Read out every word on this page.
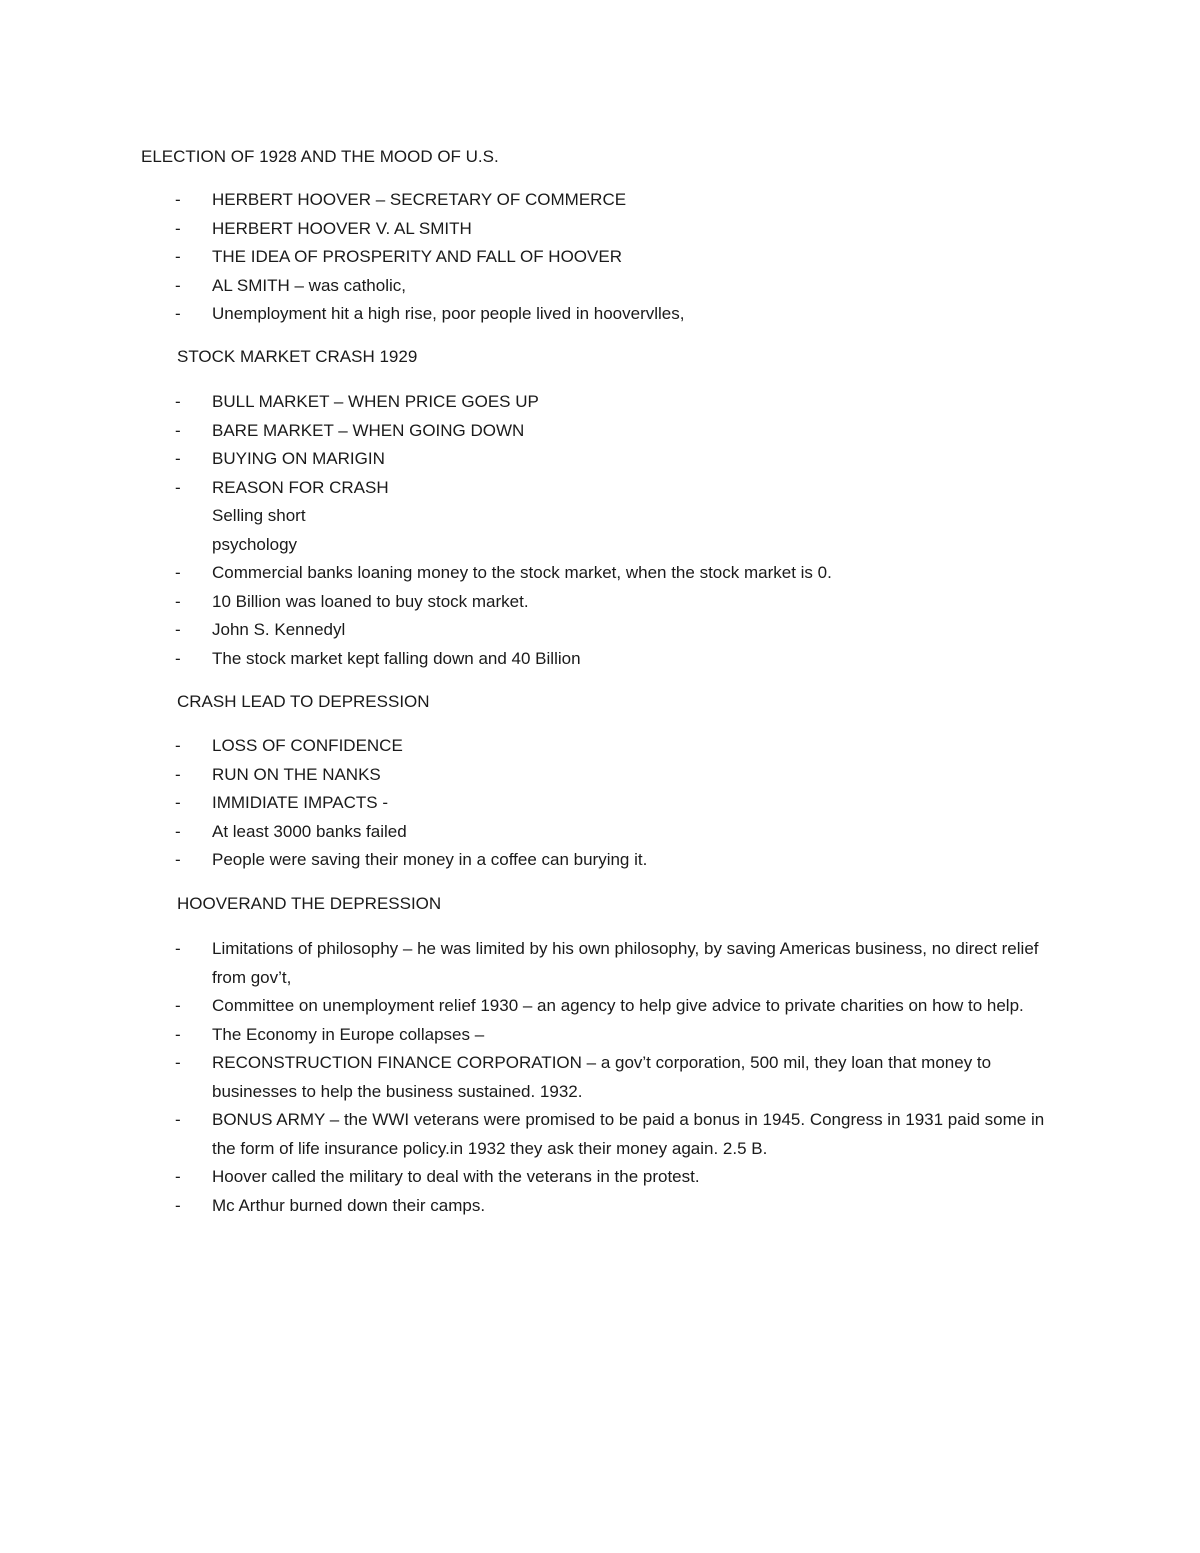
ELECTION OF 1928 AND THE MOOD OF U.S.
- HERBERT HOOVER – SECRETARY OF COMMERCE
- HERBERT HOOVER V. AL SMITH
- THE IDEA OF PROSPERITY AND FALL OF HOOVER
- AL SMITH – was catholic,
- Unemployment hit a high rise, poor people lived in hoovervlles,
STOCK MARKET CRASH 1929
- BULL MARKET – WHEN PRICE GOES UP
- BARE MARKET – WHEN GOING DOWN
- BUYING ON MARIGIN
- REASON FOR CRASH
Selling short
psychology
- Commercial banks loaning money to the stock market, when the stock market is 0.
- 10 Billion was loaned to buy stock market.
- John S. Kennedyl
- The stock market kept falling down and 40 Billion
CRASH LEAD TO DEPRESSION
- LOSS OF CONFIDENCE
- RUN ON THE NANKS
- IMMIDIATE IMPACTS -
- At least 3000 banks failed
- People were saving their money in a coffee can burying it.
HOOVERAND THE DEPRESSION
- Limitations of philosophy – he was limited by his own philosophy, by saving Americas business, no direct relief from gov’t,
- Committee on unemployment relief 1930 – an agency to help give advice to private charities on how to help.
- The Economy in Europe collapses –
- RECONSTRUCTION FINANCE CORPORATION – a gov’t corporation, 500 mil, they loan that money to businesses to help the business sustained. 1932.
- BONUS ARMY – the WWI veterans were promised to be paid a bonus in 1945. Congress in 1931 paid some in the form of life insurance policy.in 1932 they ask their money again. 2.5 B.
- Hoover called the military to deal with the veterans in the protest.
- Mc Arthur burned down their camps.
